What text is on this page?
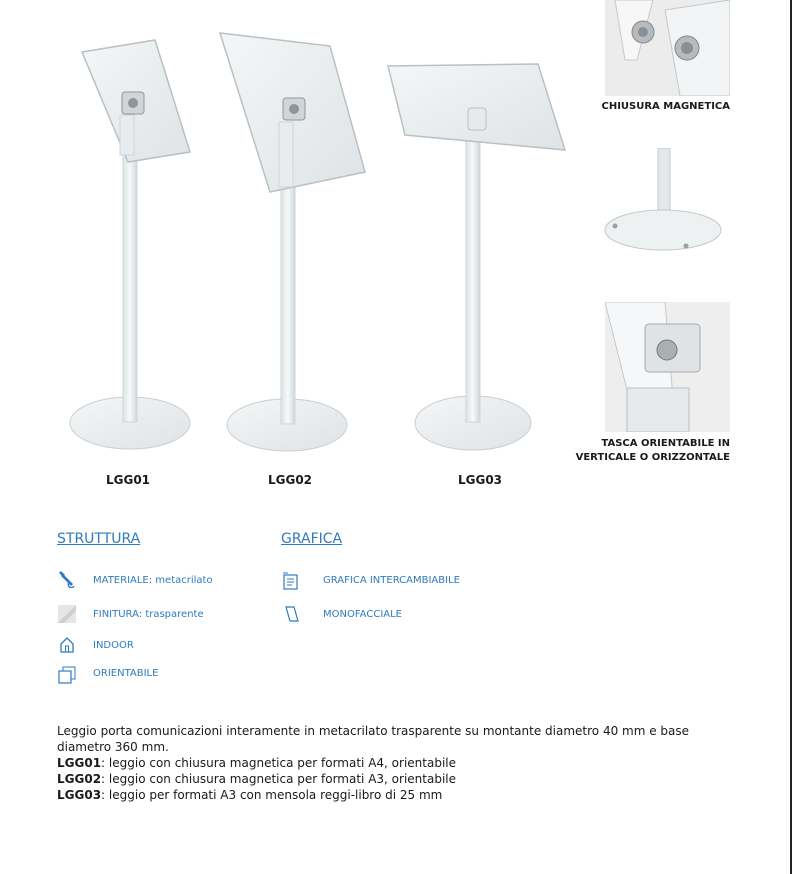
LGG01	LGG02	LGG03
CHIUSURA MAGNETICA
TASCA ORIENTABILE IN
VERTICALE O ORIZZONTALE
STRUTTURA
MATERIALE: metacrilato
FINITURA: trasparente
INDOOR
ORIENTABILE
GRAFICA
GRAFICA INTERCAMBIABILE
MONOFACCIALE
Leggio porta comunicazioni interamente in metacrilato trasparente su montante diametro 40 mm e base diametro 360 mm.
LGG01: leggio con chiusura magnetica per formati A4, orientabile
LGG02: leggio con chiusura magnetica per formati A3, orientabile
LGG03: leggio per formati A3 con mensola reggi-libro di 25 mm
